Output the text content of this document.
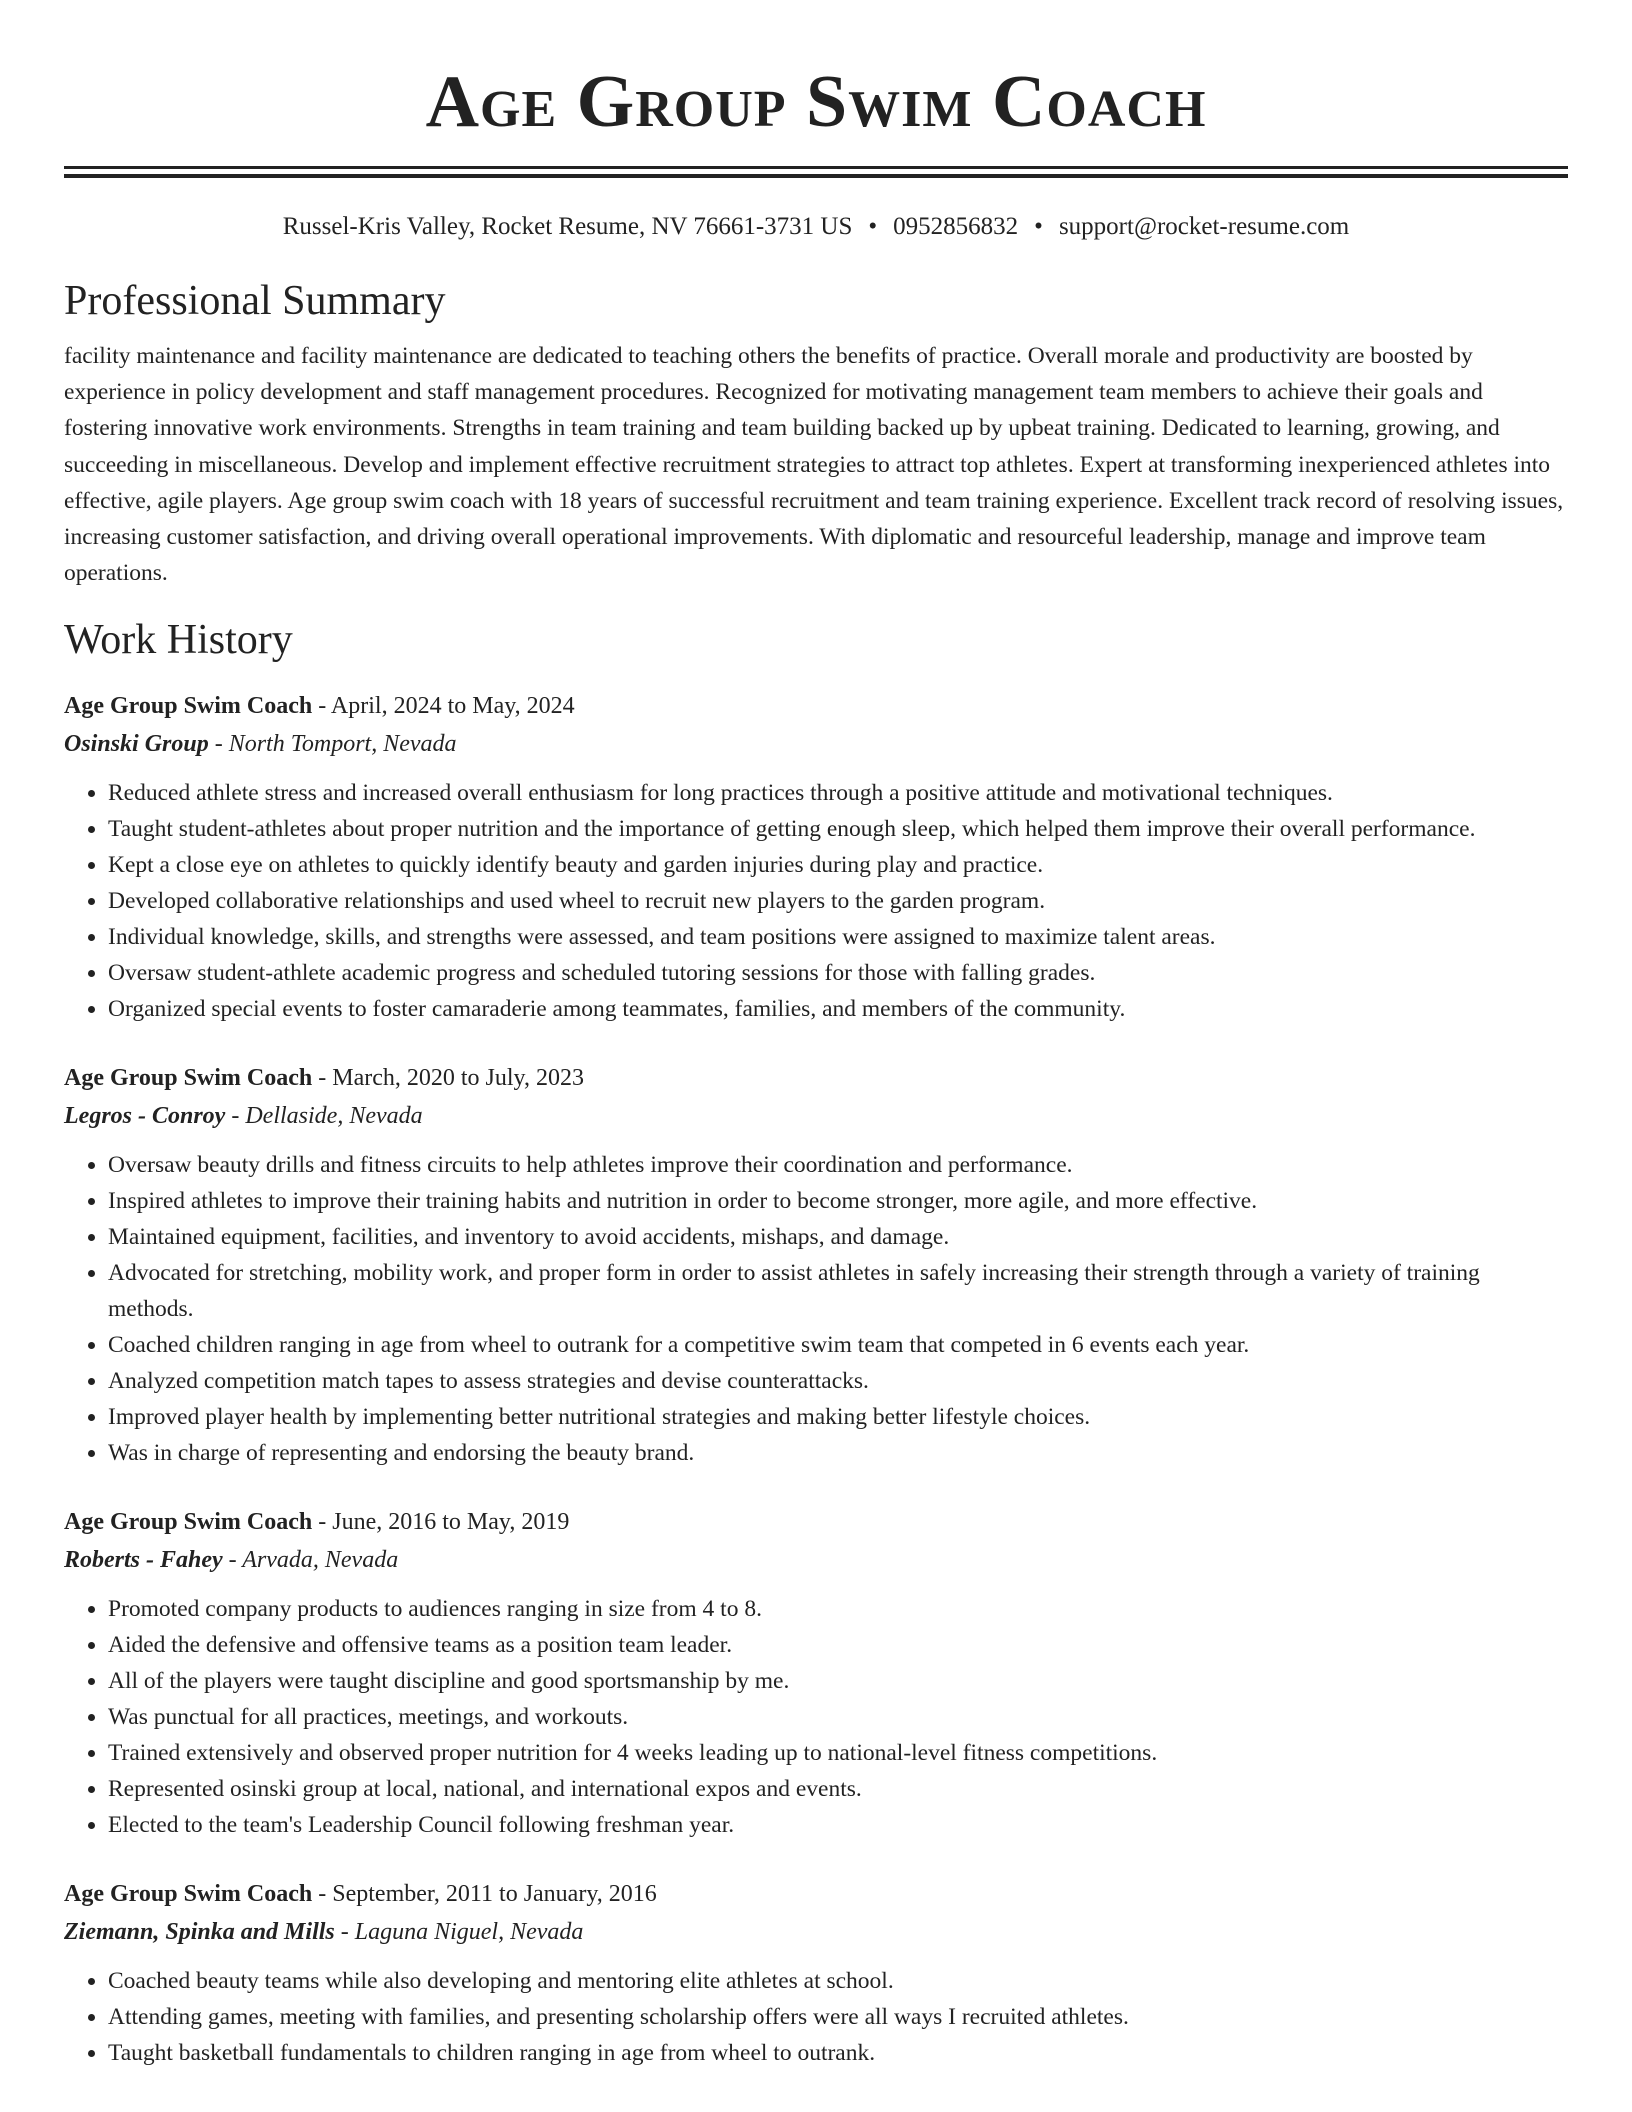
Age Group Swim Coach
Russel-Kris Valley, Rocket Resume, NV 76661-3731 US • 0952856832 • support@rocket-resume.com
Professional Summary
facility maintenance and facility maintenance are dedicated to teaching others the benefits of practice. Overall morale and productivity are boosted by experience in policy development and staff management procedures. Recognized for motivating management team members to achieve their goals and fostering innovative work environments. Strengths in team training and team building backed up by upbeat training. Dedicated to learning, growing, and succeeding in miscellaneous. Develop and implement effective recruitment strategies to attract top athletes. Expert at transforming inexperienced athletes into effective, agile players. Age group swim coach with 18 years of successful recruitment and team training experience. Excellent track record of resolving issues, increasing customer satisfaction, and driving overall operational improvements. With diplomatic and resourceful leadership, manage and improve team operations.
Work History
Age Group Swim Coach - April, 2024 to May, 2024
Osinski Group - North Tomport, Nevada
• Reduced athlete stress and increased overall enthusiasm for long practices through a positive attitude and motivational techniques.
• Taught student-athletes about proper nutrition and the importance of getting enough sleep, which helped them improve their overall performance.
• Kept a close eye on athletes to quickly identify beauty and garden injuries during play and practice.
• Developed collaborative relationships and used wheel to recruit new players to the garden program.
• Individual knowledge, skills, and strengths were assessed, and team positions were assigned to maximize talent areas.
• Oversaw student-athlete academic progress and scheduled tutoring sessions for those with falling grades.
• Organized special events to foster camaraderie among teammates, families, and members of the community.
Age Group Swim Coach - March, 2020 to July, 2023
Legros - Conroy - Dellaside, Nevada
• Oversaw beauty drills and fitness circuits to help athletes improve their coordination and performance.
• Inspired athletes to improve their training habits and nutrition in order to become stronger, more agile, and more effective.
• Maintained equipment, facilities, and inventory to avoid accidents, mishaps, and damage.
• Advocated for stretching, mobility work, and proper form in order to assist athletes in safely increasing their strength through a variety of training methods.
• Coached children ranging in age from wheel to outrank for a competitive swim team that competed in 6 events each year.
• Analyzed competition match tapes to assess strategies and devise counterattacks.
• Improved player health by implementing better nutritional strategies and making better lifestyle choices.
• Was in charge of representing and endorsing the beauty brand.
Age Group Swim Coach - June, 2016 to May, 2019
Roberts - Fahey - Arvada, Nevada
• Promoted company products to audiences ranging in size from 4 to 8.
• Aided the defensive and offensive teams as a position team leader.
• All of the players were taught discipline and good sportsmanship by me.
• Was punctual for all practices, meetings, and workouts.
• Trained extensively and observed proper nutrition for 4 weeks leading up to national-level fitness competitions.
• Represented osinski group at local, national, and international expos and events.
• Elected to the team's Leadership Council following freshman year.
Age Group Swim Coach - September, 2011 to January, 2016
Ziemann, Spinka and Mills - Laguna Niguel, Nevada
• Coached beauty teams while also developing and mentoring elite athletes at school.
• Attending games, meeting with families, and presenting scholarship offers were all ways I recruited athletes.
• Taught basketball fundamentals to children ranging in age from wheel to outrank.
